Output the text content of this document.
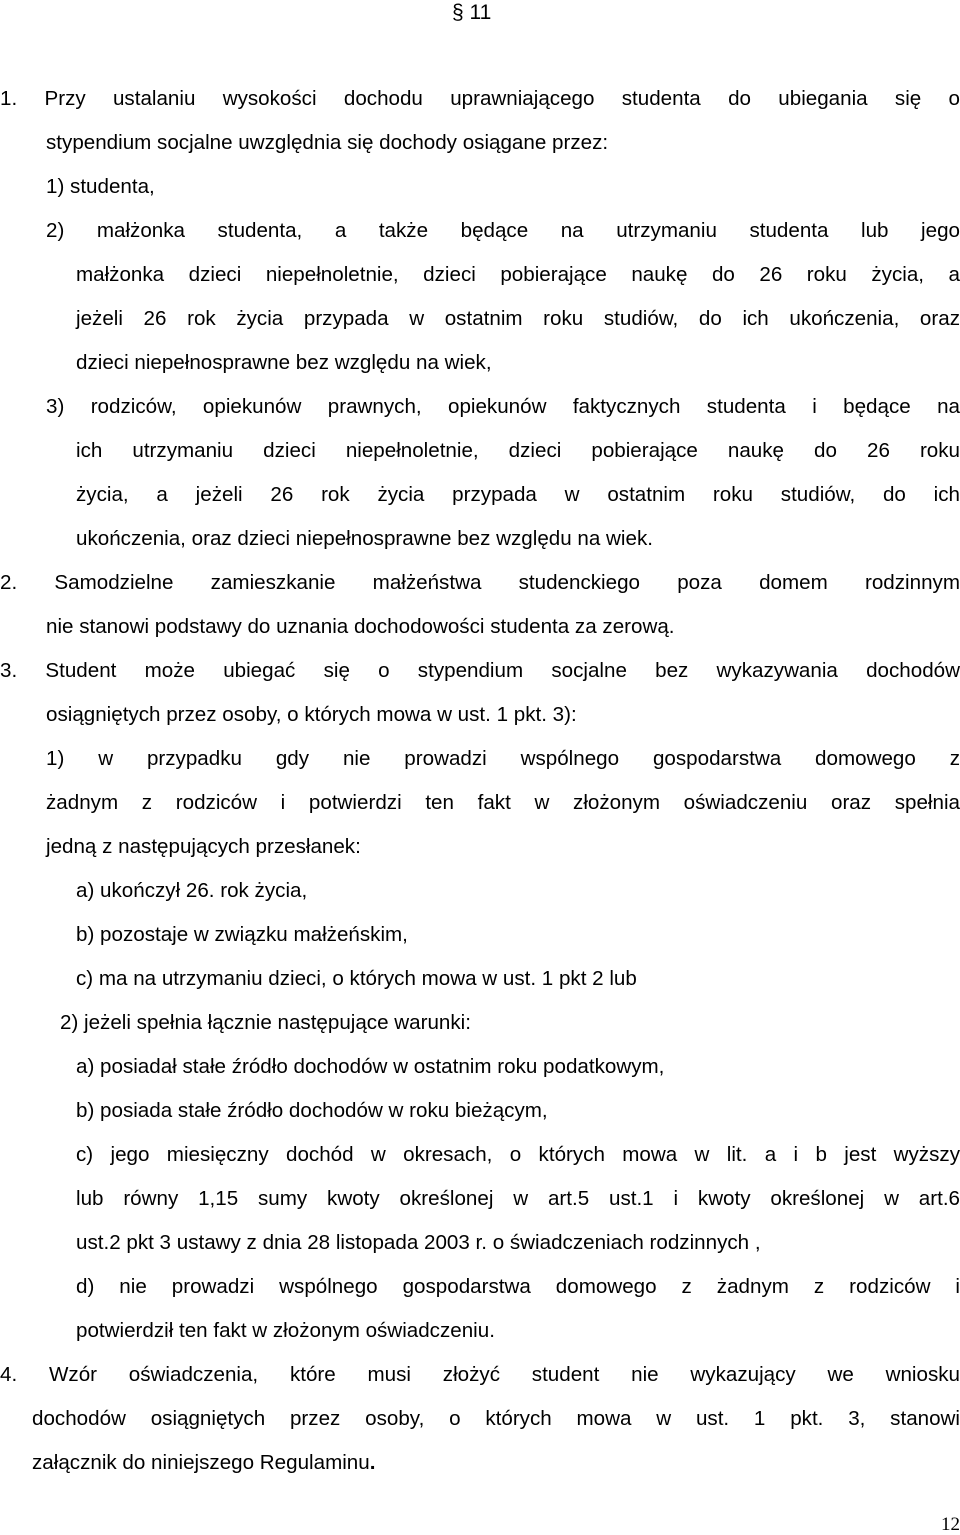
§ 11
1. Przy ustalaniu wysokości dochodu uprawniającego studenta do ubiegania się o
stypendium socjalne uwzględnia się dochody osiągane przez:
1) studenta,
2) małżonka studenta, a także będące na utrzymaniu studenta lub jego
małżonka dzieci niepełnoletnie, dzieci pobierające naukę do 26 roku życia, a
jeżeli 26 rok życia przypada w ostatnim roku studiów, do ich ukończenia, oraz
dzieci niepełnosprawne bez względu na wiek,
3) rodziców, opiekunów prawnych, opiekunów faktycznych studenta i będące na
ich utrzymaniu dzieci niepełnoletnie, dzieci pobierające naukę do 26 roku
życia, a jeżeli 26 rok życia przypada w ostatnim roku studiów, do ich
ukończenia, oraz dzieci niepełnosprawne bez względu na wiek.
2. Samodzielne zamieszkanie małżeństwa studenckiego poza domem rodzinnym
nie stanowi podstawy do uznania dochodowości studenta za zerową.
3. Student może ubiegać się o stypendium socjalne bez wykazywania dochodów
osiągniętych przez osoby, o których mowa w ust. 1 pkt. 3):
1) w przypadku gdy nie prowadzi wspólnego gospodarstwa domowego z
żadnym z rodziców i potwierdzi ten fakt w złożonym oświadczeniu oraz spełnia
jedną z następujących przesłanek:
a) ukończył 26. rok życia,
b) pozostaje w związku małżeńskim,
c) ma na utrzymaniu dzieci, o których mowa w ust. 1 pkt 2 lub
2) jeżeli spełnia łącznie następujące warunki:
a) posiadał stałe źródło dochodów w ostatnim roku podatkowym,
b) posiada stałe źródło dochodów w roku bieżącym,
c) jego miesięczny dochód w okresach, o których mowa w lit. a i b jest wyższy
lub równy 1,15 sumy kwoty określonej w art.5 ust.1 i kwoty określonej w art.6
ust.2 pkt 3 ustawy z dnia 28 listopada 2003 r. o świadczeniach rodzinnych ,
d) nie prowadzi wspólnego gospodarstwa domowego z żadnym z rodziców i
potwierdził ten fakt w złożonym oświadczeniu.
4. Wzór oświadczenia, które musi złożyć student nie wykazujący we wniosku
dochodów osiągniętych przez osoby, o których mowa w ust. 1 pkt. 3, stanowi
załącznik do niniejszego Regulaminu.
12
